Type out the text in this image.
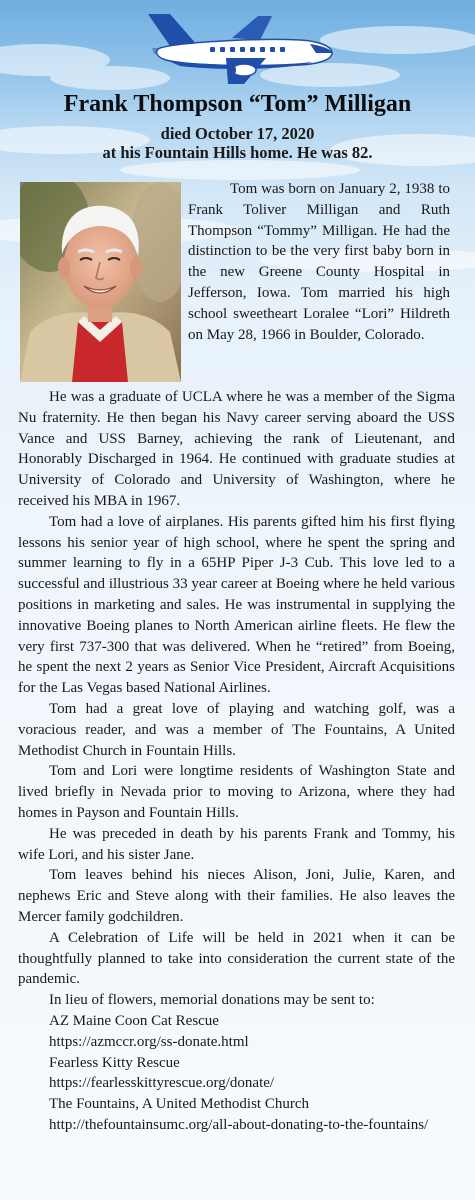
Frank Thompson “Tom” Milligan
died October 17, 2020
at his Fountain Hills home. He was 82.

Tom was born on January 2, 1938 to Frank Toliver Milligan and Ruth Thompson “Tommy” Milligan. He had the distinction to be the very first baby born in the new Greene County Hospital in Jefferson, Iowa. Tom married his high school sweetheart Loralee “Lori” Hildreth on May 28, 1966 in Boulder, Colorado.

He was a graduate of UCLA where he was a member of the Sigma Nu fraternity. He then began his Navy career serving aboard the USS Vance and USS Barney, achieving the rank of Lieutenant, and Honorably Discharged in 1964. He continued with graduate studies at University of Colorado and University of Washington, where he received his MBA in 1967.

Tom had a love of airplanes. His parents gifted him his first flying lessons his senior year of high school, where he spent the spring and summer learning to fly in a 65HP Piper J-3 Cub. This love led to a successful and illustrious 33 year career at Boeing where he held various positions in marketing and sales. He was instrumental in supplying the innovative Boeing planes to North American airline fleets. He flew the very first 737-300 that was delivered. When he “retired” from Boeing, he spent the next 2 years as Senior Vice President, Aircraft Acquisitions for the Las Vegas based National Airlines.

Tom had a great love of playing and watching golf, was a voracious reader, and was a member of The Fountains, A United Methodist Church in Fountain Hills.

Tom and Lori were longtime residents of Washington State and lived briefly in Nevada prior to moving to Arizona, where they had homes in Payson and Fountain Hills.

He was preceded in death by his parents Frank and Tommy, his wife Lori, and his sister Jane.

Tom leaves behind his nieces Alison, Joni, Julie, Karen, and nephews Eric and Steve along with their families. He also leaves the Mercer family godchildren.

A Celebration of Life will be held in 2021 when it can be thoughtfully planned to take into consideration the current state of the pandemic.

In lieu of flowers, memorial donations may be sent to:

AZ Maine Coon Cat Rescue

https://azmccr.org/ss-donate.html

Fearless Kitty Rescue

https://fearlesskittyrescue.org/donate/

The Fountains, A United Methodist Church

http://thefountainsumc.org/all-about-donating-to-the-fountains/
